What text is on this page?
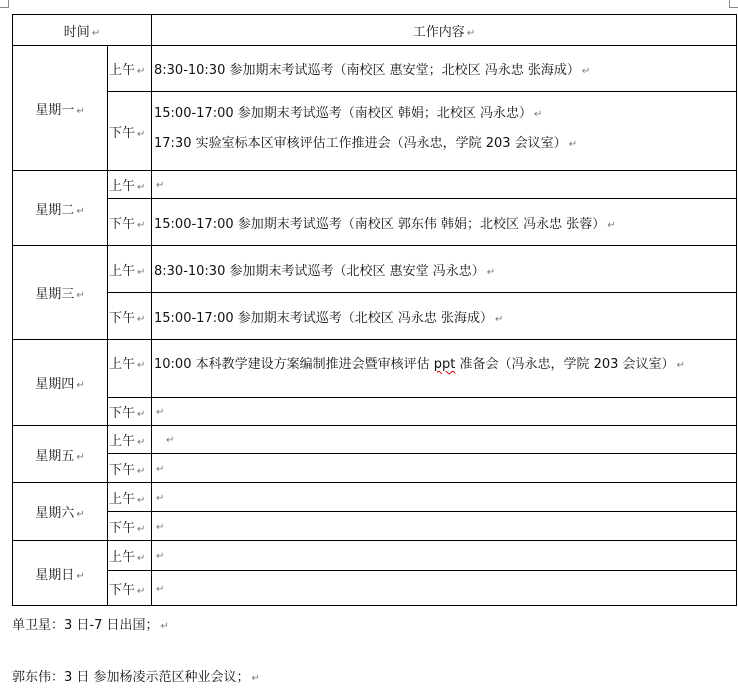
时间 ↵		工作内容 ↵
星期一 ↵	上午 ↵	8:30-10:30 参加期末考试巡考（南校区 惠安堂；北校区 冯永忠 张海成） ↵
	下午 ↵	15:00-17:00 参加期末考试巡考（南校区 韩娟；北校区 冯永忠） ↵
17:30 实验室标本区审核评估工作推进会（冯永忠，学院 203 会议室） ↵

星期二 ↵	上午 ↵	↵
	下午 ↵	15:00-17:00 参加期末考试巡考（南校区 郭东伟 韩娟；北校区 冯永忠 张蓉） ↵
星期三 ↵	上午 ↵	8:30-10:30 参加期末考试巡考（北校区 惠安堂 冯永忠） ↵
	下午 ↵	15:00-17:00 参加期末考试巡考（北校区 冯永忠 张海成） ↵
星期四 ↵	上午 ↵	10:00 本科教学建设方案编制推进会暨审核评估 ppt 准备会（冯永忠，学院 203 会议室） ↵
	下午 ↵	↵
星期五 ↵	上午 ↵	↵
	下午 ↵	↵
星期六 ↵	上午 ↵	↵
	下午 ↵	↵
星期日 ↵	上午 ↵	↵
	下午 ↵	↵
单卫星：3 日-7 日出国； ↵
郭东伟：3 日 参加杨凌示范区种业会议； ↵
